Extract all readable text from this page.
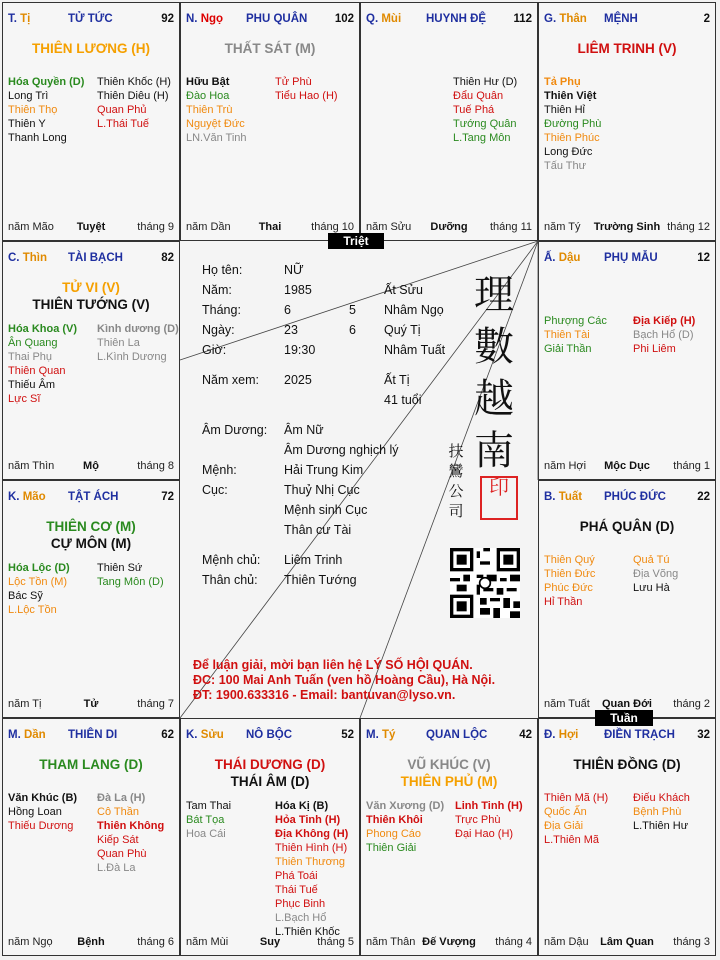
T. Tị	TỬ TỨC	92
THIÊN LƯƠNG (H)
Hóa Quyền (D)
Long Trì
Thiên Thọ
Thiên Y
Thanh Long
Thiên Khốc (H)
Thiên Diêu (H)
Quan Phủ
L.Thái Tuế
năm Mão	Tuyệt	tháng 9
N. Ngọ PHU QUÂN 102
THẤT SÁT (M)
Hữu Bật
Đào Hoa
Thiên Trù
Nguyệt Đức
LN.Văn Tinh
Tử Phù
Tiểu Hao (H)
năm Dần	Thai	tháng 10
Q. Mùi HUYNH ĐỆ 112
Thiên Hư (D)
Đẩu Quân
Tuế Phá
Tướng Quân
L.Tang Môn
năm Sửu	Dưỡng	tháng 11
G. Thân MỆNH	2
LIÊM TRINH (V)
Tả Phụ
Thiên Việt
Thiên Hỉ
Đường Phù
Thiên Phúc
Long Đức
Tấu Thư
năm Tý	Trường Sinh tháng 12
C. Thìn TÀI BẠCH	82
TỬ VI (V)
THIÊN TƯỚNG (V)
Hóa Khoa (V)
Ân Quang
Thai Phụ
Thiên Quan
Thiếu Âm
Lực Sĩ
Kình dương (D)
Thiên La
L.Kình Dương
năm Thìn	Mộ	tháng 8
Ấ. Dậu PHỤ MẪU	12
Phượng Các
Thiên Tài
Giải Thần
Địa Kiếp (H)
Bạch Hổ (D)
Phi Liêm
năm Hợi	Mộc Dục	tháng 1
K. Mão TẬT ÁCH	72
THIÊN CƠ (M)
CỰ MÔN (M)
Hóa Lộc (D)
Lộc Tồn (M)
Bác Sỹ
L.Lộc Tồn
Thiên Sứ
Tang Môn (D)
năm Tị	Tử	tháng 7
B. Tuất PHÚC ĐỨC	22
PHÁ QUÂN (D)
Thiên Quý
Thiên Đức
Phúc Đức
Hỉ Thần
Quả Tú
Địa Võng
Lưu Hà
năm Tuất	Quan Đới	tháng 2
M. Dần THIÊN DI	62
THAM LANG (D)
Văn Khúc (B)
Hồng Loan
Thiếu Dương
Đà La (H)
Cô Thần
Thiên Không
Kiếp Sát
Quan Phù
L.Đà La
năm Ngọ	Bệnh	tháng 6
K. Sửu NÔ BỘC	52
THÁI DƯƠNG (D)
THÁI ÂM (D)
Tam Thai
Bát Tọa
Hoa Cái
Hóa Kị (B)
Hỏa Tinh (H)
Địa Không (H)
Thiên Hình (H)
Thiên Thương
Phá Toái
Thái Tuế
Phục Binh
L.Bạch Hổ
L.Thiên Khốc
năm Mùi	Suy	tháng 5
M. Tý	QUAN LỘC	42
VŨ KHÚC (V)
THIÊN PHỦ (M)
Văn Xương (D)
Thiên Khôi
Phong Cáo
Thiên Giải
Linh Tinh (H)
Trực Phù
Đại Hao (H)
năm Thân Đế Vượng	tháng 4
Đ. Hợi ĐIỀN TRẠCH 32
THIÊN ĐỒNG (D)
Thiên Mã (H)
Quốc Ấn
Địa Giải
L.Thiên Mã
Điếu Khách
Bệnh Phù
L.Thiên Hư
năm Dậu	Lâm Quan	tháng 3
Họ tên:	NỮ
Năm:	1985	Ất Sửu
Tháng:	6	5 Nhâm Ngọ
Ngày:	23	6 Quý Tị
Giờ:	19:30	Nhâm Tuất
Năm xem: 2025	Ất Tị
41 tuổi
Âm Dương: Âm Nữ
Âm Dương nghịch lý
Mệnh:	Hải Trung Kim
Cục:	Thuỷ Nhị Cục
Mệnh sinh Cục
Thân cư Tài
Mệnh chủ: Liêm Trinh
Thân chủ: Thiên Tướng
理
數
越
南
扶
鸞
公
司
印
Để luận giải, mời bạn liên hệ LÝ SỐ HỘI QUÁN.
ĐC: 100 Mai Anh Tuấn (ven hồ Hoàng Cầu), Hà Nội.
ĐT: 1900.633316 - Email: bantuvan@lyso.vn.
Triệt
Tuần
